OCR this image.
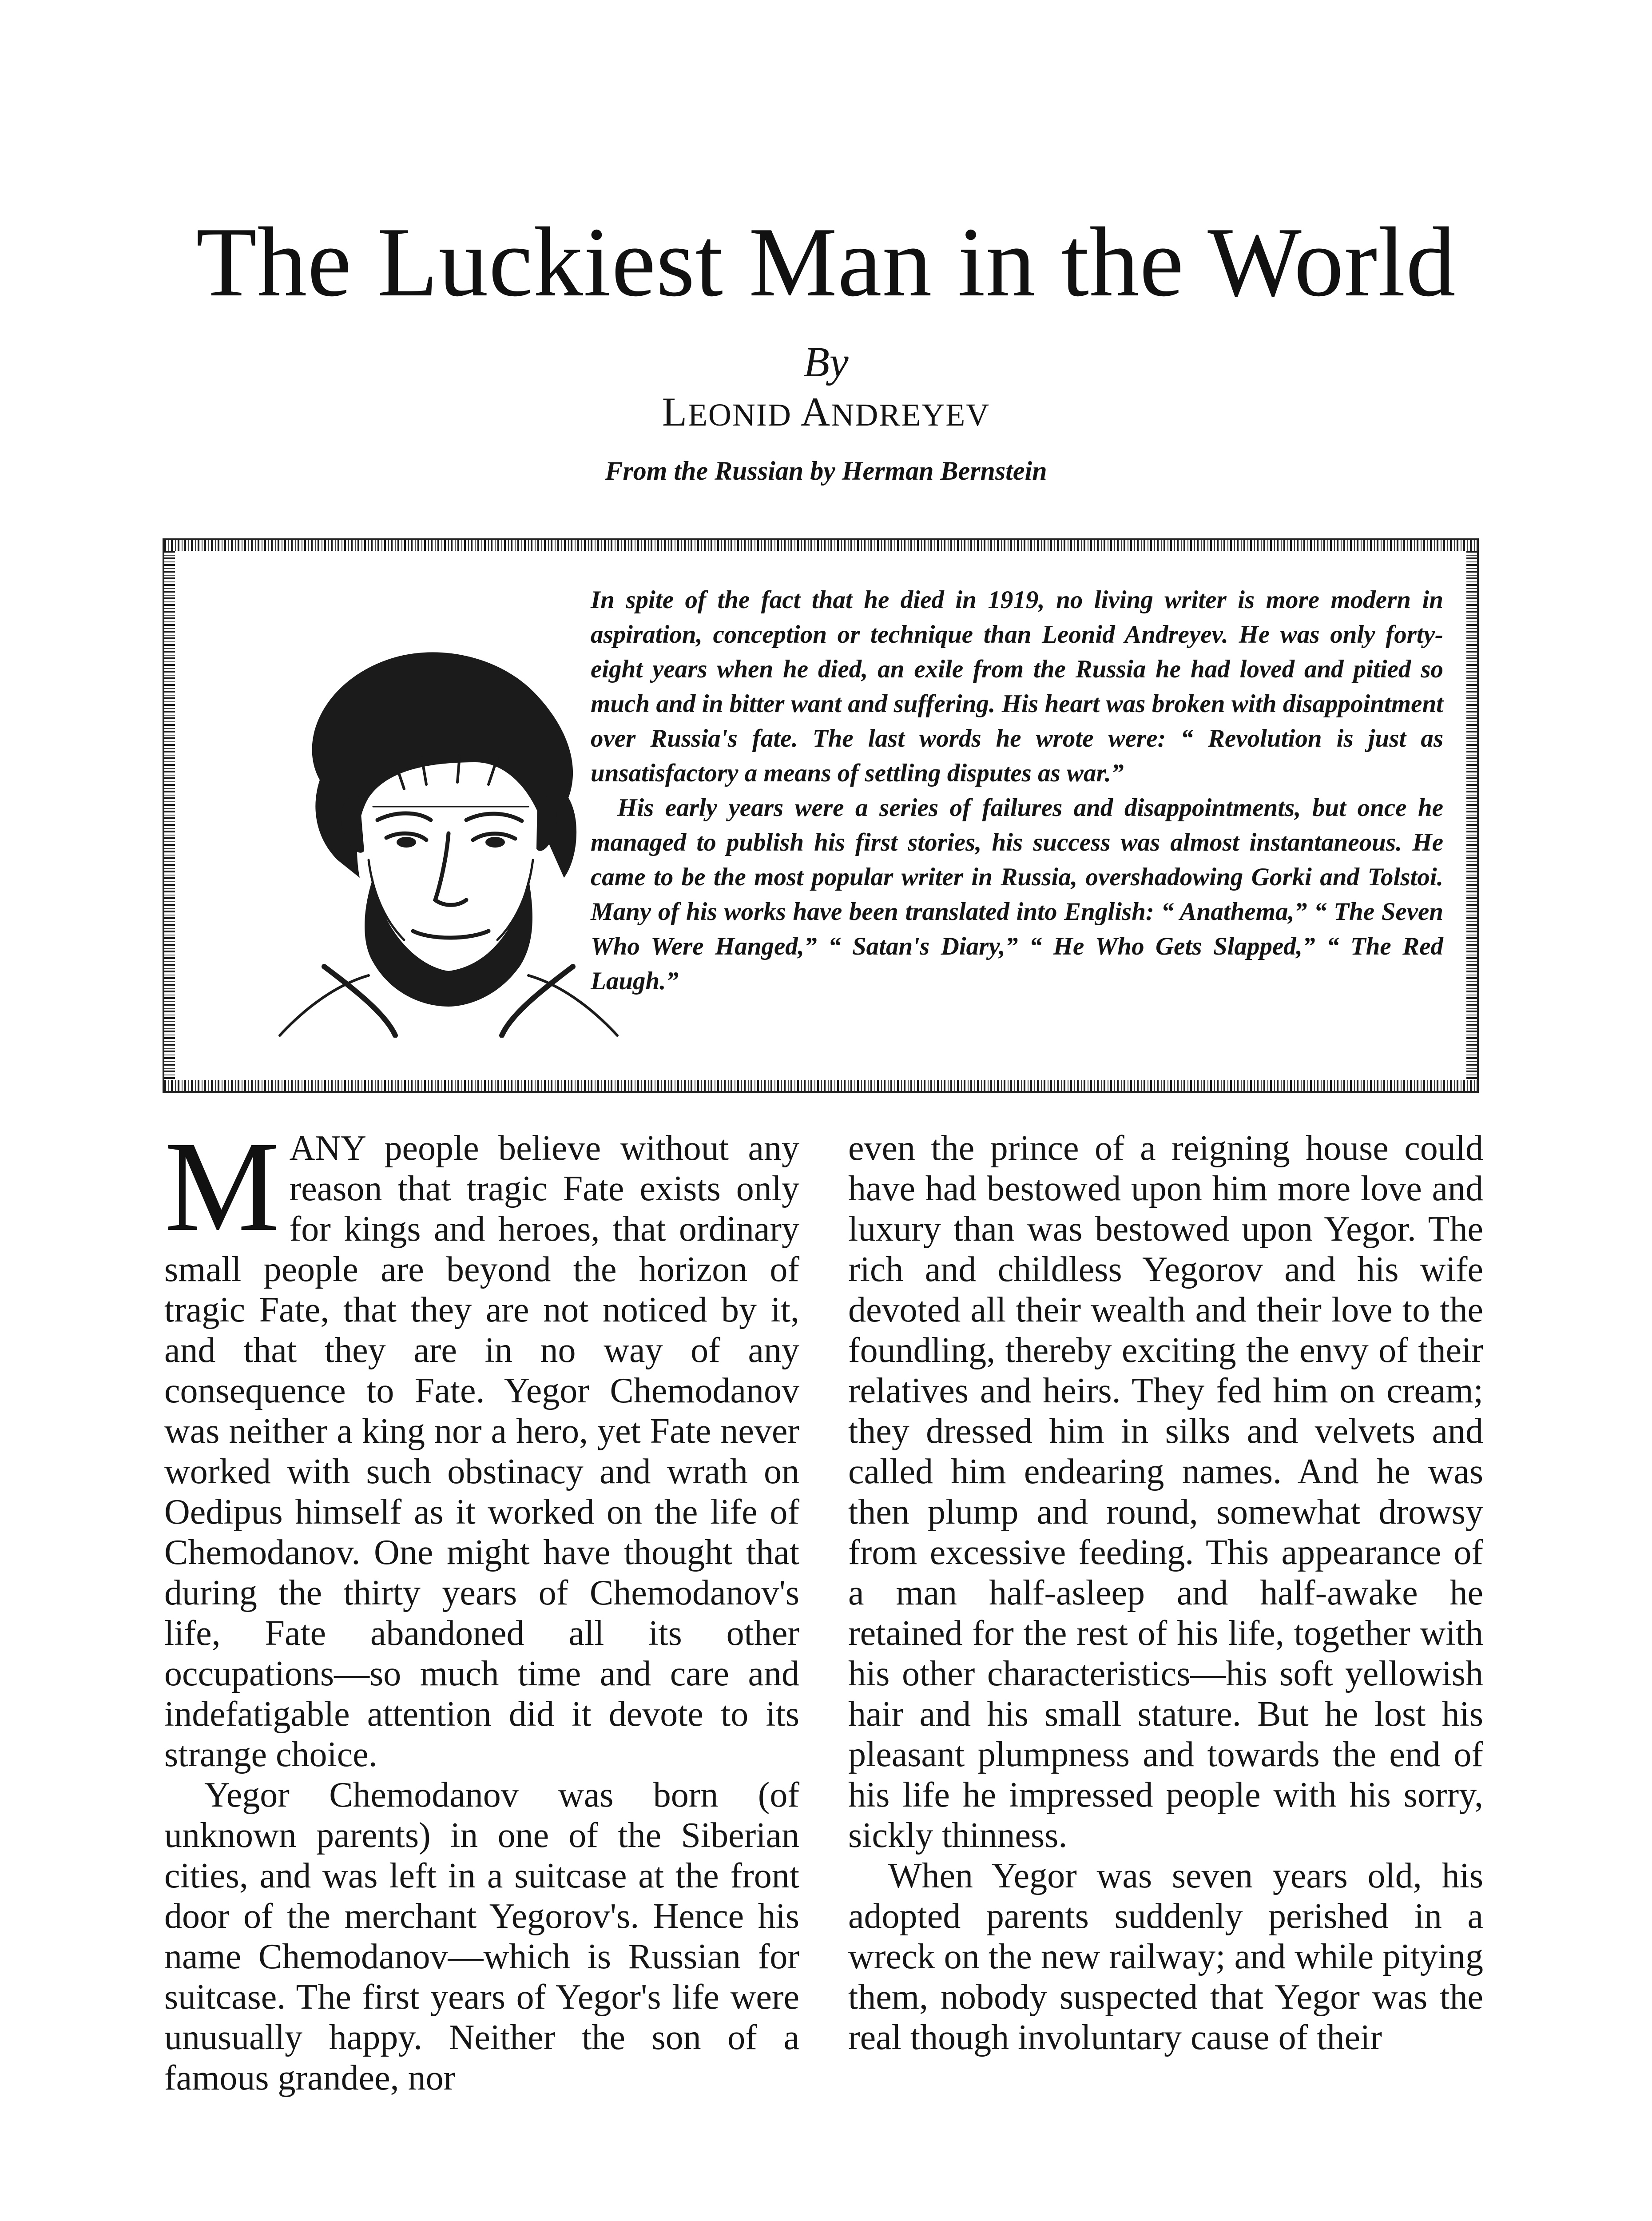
The Luckiest Man in the World
By
LEONID ANDREYEV
From the Russian by Herman Bernstein

In spite of the fact that he died in 1919, no living writer is more modern in aspiration, conception or technique than Leonid Andreyev. He was only forty-eight years when he died, an exile from the Russia he had loved and pitied so much and in bitter want and suffering. His heart was broken with disappointment over Russia's fate. The last words he wrote were: “ Revolution is just as unsatisfactory a means of settling disputes as war.”

His early years were a series of failures and disappointments, but once he managed to publish his first stories, his success was almost instantaneous. He came to be the most popular writer in Russia, overshadowing Gorki and Tolstoi. Many of his works have been translated into English: “ Anathema,” “ The Seven Who Were Hanged,” “ Satan's Diary,” “ He Who Gets Slapped,” “ The Red Laugh.”

MANY people believe without any reason that tragic Fate exists only for kings and heroes, that ordinary small people are beyond the horizon of tragic Fate, that they are not noticed by it, and that they are in no way of any consequence to Fate. Yegor Chemodanov was neither a king nor a hero, yet Fate never worked with such obstinacy and wrath on Oedipus himself as it worked on the life of Chemodanov. One might have thought that during the thirty years of Chemodanov's life, Fate abandoned all its other occupations—so much time and care and indefatigable attention did it devote to its strange choice.

Yegor Chemodanov was born (of unknown parents) in one of the Siberian cities, and was left in a suitcase at the front door of the merchant Yegorov's. Hence his name Chemodanov—which is Russian for suitcase. The first years of Yegor's life were unusually happy. Neither the son of a famous grandee, nor

even the prince of a reigning house could have had bestowed upon him more love and luxury than was bestowed upon Yegor. The rich and childless Yegorov and his wife devoted all their wealth and their love to the foundling, thereby exciting the envy of their relatives and heirs. They fed him on cream; they dressed him in silks and velvets and called him endearing names. And he was then plump and round, somewhat drowsy from excessive feeding. This appearance of a man half-asleep and half-awake he retained for the rest of his life, together with his other characteristics—his soft yellowish hair and his small stature. But he lost his pleasant plumpness and towards the end of his life he impressed people with his sorry, sickly thinness.

When Yegor was seven years old, his adopted parents suddenly perished in a wreck on the new railway; and while pitying them, nobody suspected that Yegor was the real though involuntary cause of their
